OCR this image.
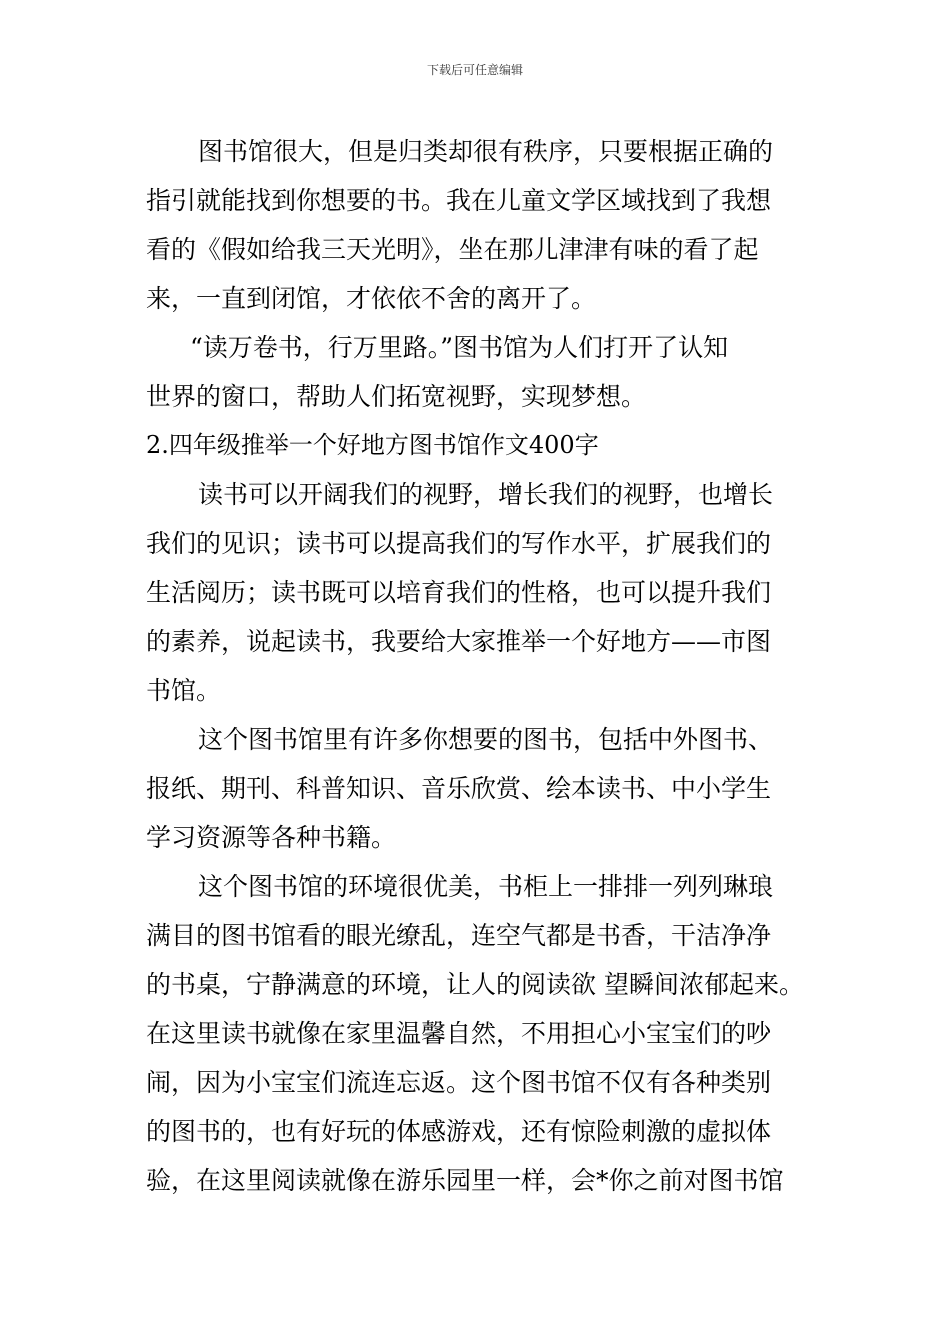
下载后可任意编辑

图书馆很大，但是归类却很有秩序，只要根据正确的

指引就能找到你想要的书。我在儿童文学区域找到了我想

看的《假如给我三天光明》，坐在那儿津津有味的看了起

来，一直到闭馆，才依依不舍的离开了。

“读万卷书，行万里路。”图书馆为人们打开了认知

世界的窗口，帮助人们拓宽视野，实现梦想。

2.四年级推举一个好地方图书馆作文400字

读书可以开阔我们的视野，增长我们的视野，也增长

我们的见识；读书可以提高我们的写作水平，扩展我们的

生活阅历；读书既可以培育我们的性格，也可以提升我们

的素养，说起读书，我要给大家推举一个好地方——市图

书馆。

这个图书馆里有许多你想要的图书，包括中外图书、

报纸、期刊、科普知识、音乐欣赏、绘本读书、中小学生

学习资源等各种书籍。

这个图书馆的环境很优美，书柜上一排排一列列琳琅

满目的图书馆看的眼光缭乱，连空气都是书香，干洁净净

的书桌，宁静满意的环境，让人的阅读欲 望瞬间浓郁起来。

在这里读书就像在家里温馨自然，不用担心小宝宝们的吵

闹，因为小宝宝们流连忘返。这个图书馆不仅有各种类别

的图书的，也有好玩的体感游戏，还有惊险刺激的虚拟体

验，在这里阅读就像在游乐园里一样，会*你之前对图书馆
